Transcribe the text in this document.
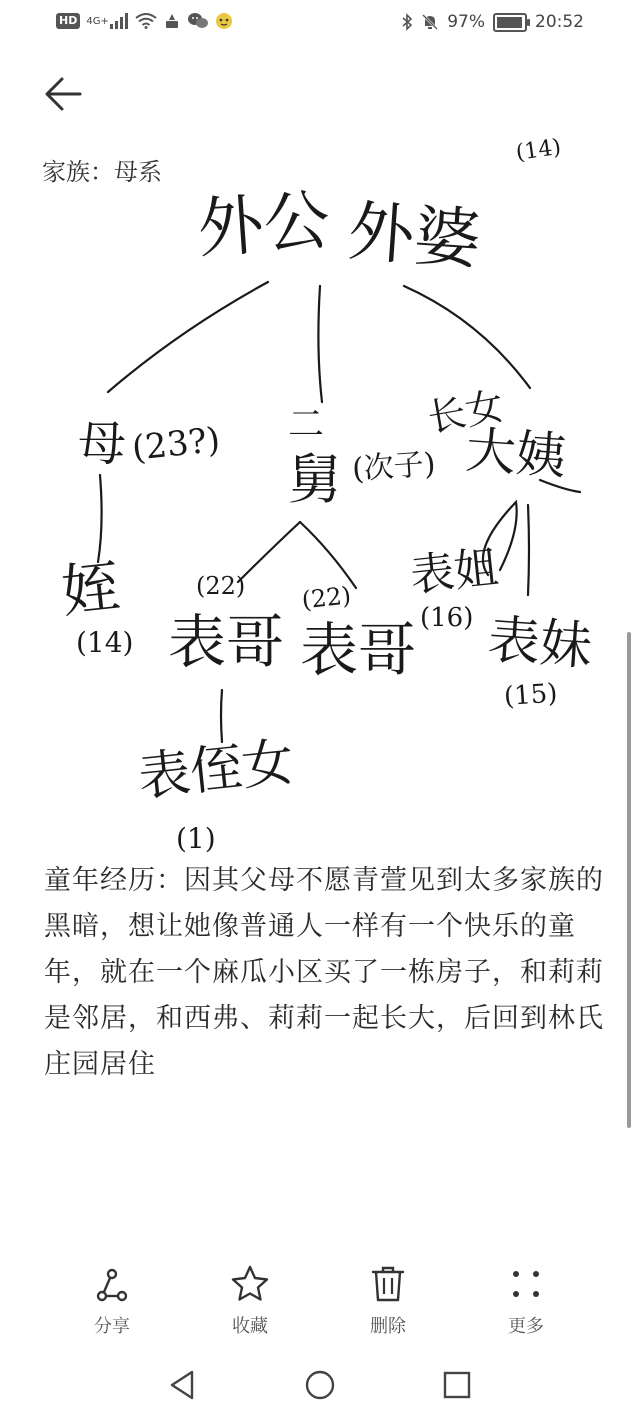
HD 4G+	97%	20:52
家族：母系
(14)
外公 外婆
母 (23?) 二
舅 (次子)
长女
大姨
姪
(14)
(22)
表哥
(22)
表哥
表侄女
(1)
表姐
(16) 表妹
(15)
童年经历：因其父母不愿青萱见到太多家族的黑暗，想让她像普通人一样有一个快乐的童年，就在一个麻瓜小区买了一栋房子，和莉莉是邻居，和西弗、莉莉一起长大，后回到林氏庄园居住
分享	收藏	删除	更多
